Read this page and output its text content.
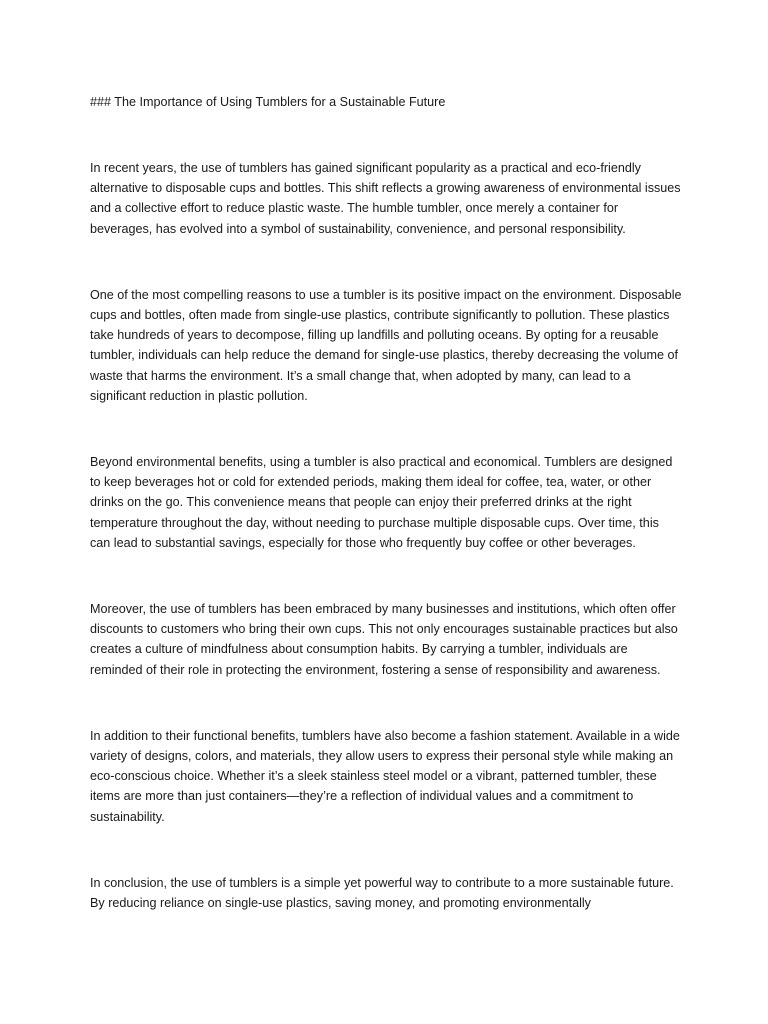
### The Importance of Using Tumblers for a Sustainable Future

In recent years, the use of tumblers has gained significant popularity as a practical and eco-friendly alternative to disposable cups and bottles. This shift reflects a growing awareness of environmental issues and a collective effort to reduce plastic waste. The humble tumbler, once merely a container for beverages, has evolved into a symbol of sustainability, convenience, and personal responsibility.

One of the most compelling reasons to use a tumbler is its positive impact on the environment. Disposable cups and bottles, often made from single-use plastics, contribute significantly to pollution. These plastics take hundreds of years to decompose, filling up landfills and polluting oceans. By opting for a reusable tumbler, individuals can help reduce the demand for single-use plastics, thereby decreasing the volume of waste that harms the environment. It’s a small change that, when adopted by many, can lead to a significant reduction in plastic pollution.

Beyond environmental benefits, using a tumbler is also practical and economical. Tumblers are designed to keep beverages hot or cold for extended periods, making them ideal for coffee, tea, water, or other drinks on the go. This convenience means that people can enjoy their preferred drinks at the right temperature throughout the day, without needing to purchase multiple disposable cups. Over time, this can lead to substantial savings, especially for those who frequently buy coffee or other beverages.

Moreover, the use of tumblers has been embraced by many businesses and institutions, which often offer discounts to customers who bring their own cups. This not only encourages sustainable practices but also creates a culture of mindfulness about consumption habits. By carrying a tumbler, individuals are reminded of their role in protecting the environment, fostering a sense of responsibility and awareness.

In addition to their functional benefits, tumblers have also become a fashion statement. Available in a wide variety of designs, colors, and materials, they allow users to express their personal style while making an eco-conscious choice. Whether it’s a sleek stainless steel model or a vibrant, patterned tumbler, these items are more than just containers—they’re a reflection of individual values and a commitment to sustainability.

In conclusion, the use of tumblers is a simple yet powerful way to contribute to a more sustainable future. By reducing reliance on single-use plastics, saving money, and promoting environmentally
